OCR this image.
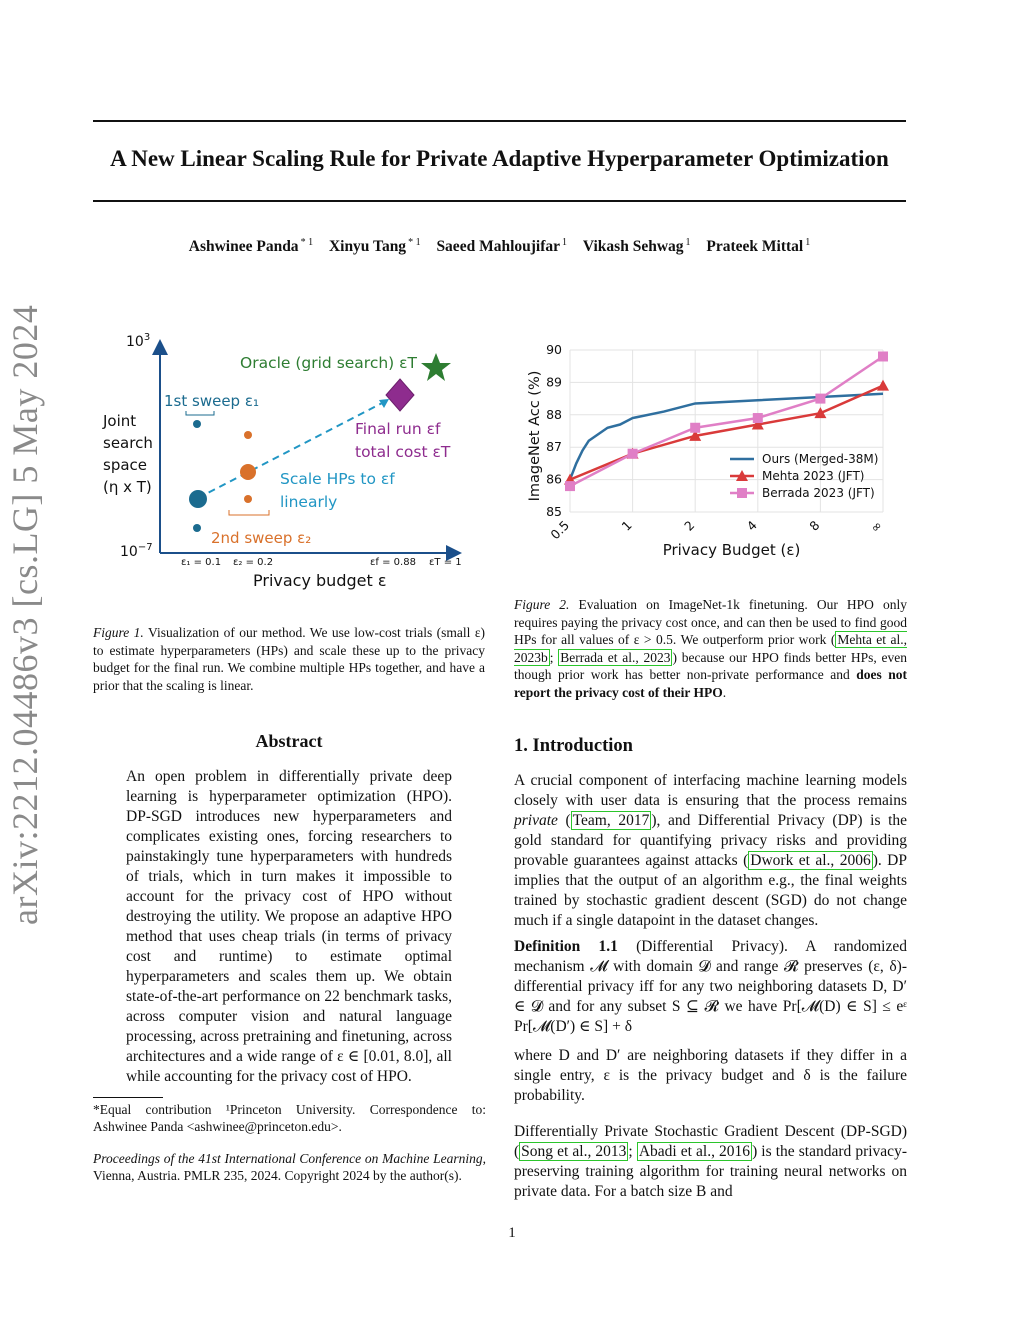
A New Linear Scaling Rule for Private Adaptive Hyperparameter Optimization
Ashwinee Panda $^{* 1}$ Xinyu Tang $^{* 1}$ Saeed Mahloujifar $^1$ Vikash Sehwag $^1$ Prateek Mittal $^1$
arXiv:2212.04486v3 [cs.LG] 5 May 2024	$10^3$
$10^{-7}$
Joint
search
space
(η x T)
ε₁ = 0.1 ε₂ = 0.2	εf = 0.88 εT = 1
Privacy budget ε
Oracle (grid search) εT
Final run εf
total cost εT
Scale HPs to εf
linearly
1st sweep ε₁
2nd sweep ε₂
Figure 1. Visualization of our method. We use low-cost trials (small ε) to estimate hyperparameters (HPs) and scale these up to the privacy budget for the final run. We combine multiple HPs together, and have a prior that the scaling is linear.
85
86
87
88
89
90
0.5	1	2	4	8	∞
Ours (Merged-38M)
Mehta 2023 (JFT)
Berrada 2023 (JFT)
ImageNet Acc (%)
Privacy Budget (ε)
Figure 2. Evaluation on ImageNet-1k finetuning. Our HPO only requires paying the privacy cost once, and can then be used to find good HPs for all values of ε > 0.5. We outperform prior work ( Mehta et al., 2023b ; Berrada et al., 2023 ) because our HPO finds better HPs, even though prior work has better non-private performance and does not report the privacy cost of their HPO.
Abstract
An open problem in differentially private deep learning is hyperparameter optimization (HPO). DP-SGD introduces new hyperparameters and complicates existing ones, forcing researchers to painstakingly tune hyperparameters with hundreds of trials, which in turn makes it impossible to account for the privacy cost of HPO without destroying the utility. We propose an adaptive HPO method that uses cheap trials (in terms of privacy cost and runtime) to estimate optimal hyperparameters and scales them up. We obtain state-of-the-art performance on 22 benchmark tasks, across computer vision and natural language processing, across pretraining and finetuning, across architectures and a wide range of ε ∈ [0.01, 8.0], all while accounting for the privacy cost of HPO.
*Equal contribution ¹Princeton University. Correspondence to: Ashwinee Panda <ashwinee@princeton.edu>.
Proceedings of the 41st International Conference on Machine Learning, Vienna, Austria. PMLR 235, 2024. Copyright 2024 by the author(s).
1. Introduction
A crucial component of interfacing machine learning models closely with user data is ensuring that the process remains private ( Team, 2017 ), and Differential Privacy (DP) is the gold standard for quantifying privacy risks and providing provable guarantees against attacks ( Dwork et al., 2006 ). DP implies that the output of an algorithm e.g., the final weights trained by stochastic gradient descent (SGD) do not change much if a single datapoint in the dataset changes.
Definition 1.1 (Differential Privacy). A randomized mechanism 𝓜 with domain 𝓓 and range 𝓡 preserves (ε, δ)-differential privacy iff for any two neighboring datasets D, D′ ∈ 𝓓 and for any subset S ⊆ 𝓡 we have Pr[𝓜(D) ∈ S] ≤ eᵋ Pr[𝓜(D′) ∈ S] + δ
where D and D′ are neighboring datasets if they differ in a single entry, ε is the privacy budget and δ is the failure probability.
Differentially Private Stochastic Gradient Descent (DP-SGD) ( Song et al., 2013 ; Abadi et al., 2016 ) is the standard privacy-preserving training algorithm for training neural networks on private data. For a batch size B and
1
